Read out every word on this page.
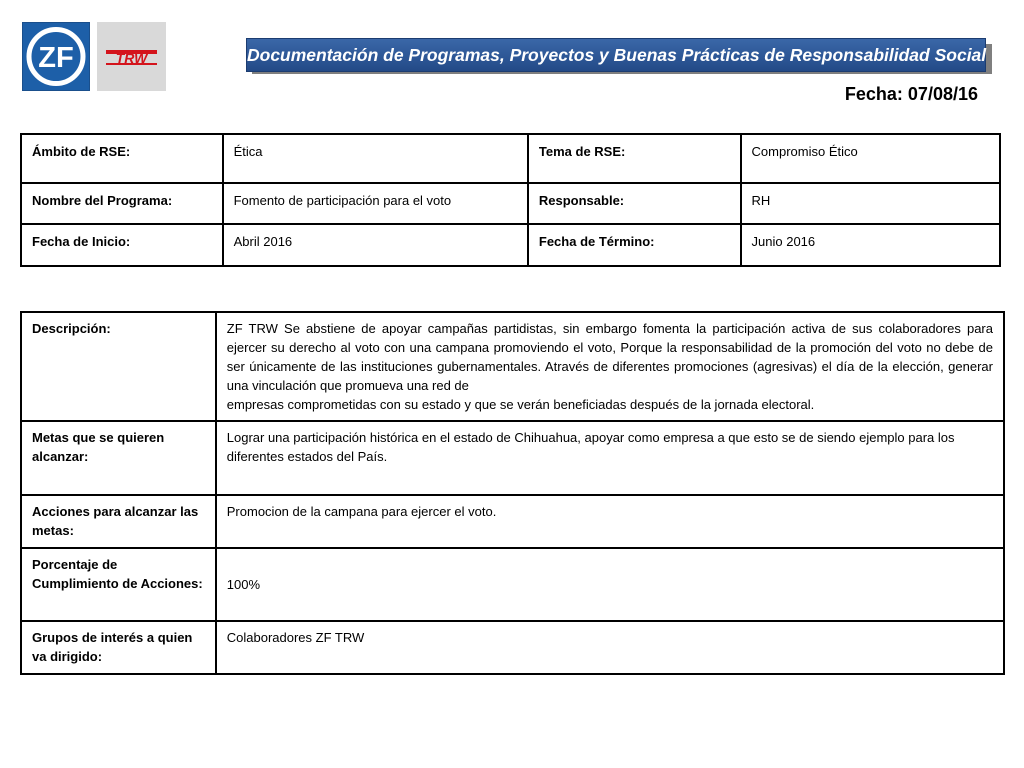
ZF	TRW	Documentación de Programas, Proyectos y Buenas Prácticas de Responsabilidad Social
Fecha: 07/08/16
Ámbito de RSE:	Ética	Tema de RSE:	Compromiso Ético
Nombre del Programa:	Fomento de participación para el voto	Responsable:	RH
Fecha de Inicio:	Abril 2016	Fecha de Término:	Junio 2016
Descripción:	ZF TRW Se abstiene de apoyar campañas partidistas, sin embargo fomenta la participación activa de sus colaboradores para ejercer su derecho al voto con una campana promoviendo el voto, Porque la responsabilidad de la promoción del voto no debe de ser únicamente de las instituciones gubernamentales. Através de diferentes promociones (agresivas) el día de la elección, generar una vinculación que promueva una red de
empresas comprometidas con su estado y que se verán beneficiadas después de la jornada electoral.

Metas que se quieren alcanzar:	Lograr una participación histórica en el estado de Chihuahua, apoyar como empresa a que esto se de siendo ejemplo para los diferentes estados del País.
Acciones para alcanzar las metas:	Promocion de la campana para ejercer el voto.
Porcentaje de Cumplimiento de Acciones:	100%
Grupos de interés a quien va dirigido:	Colaboradores ZF TRW
